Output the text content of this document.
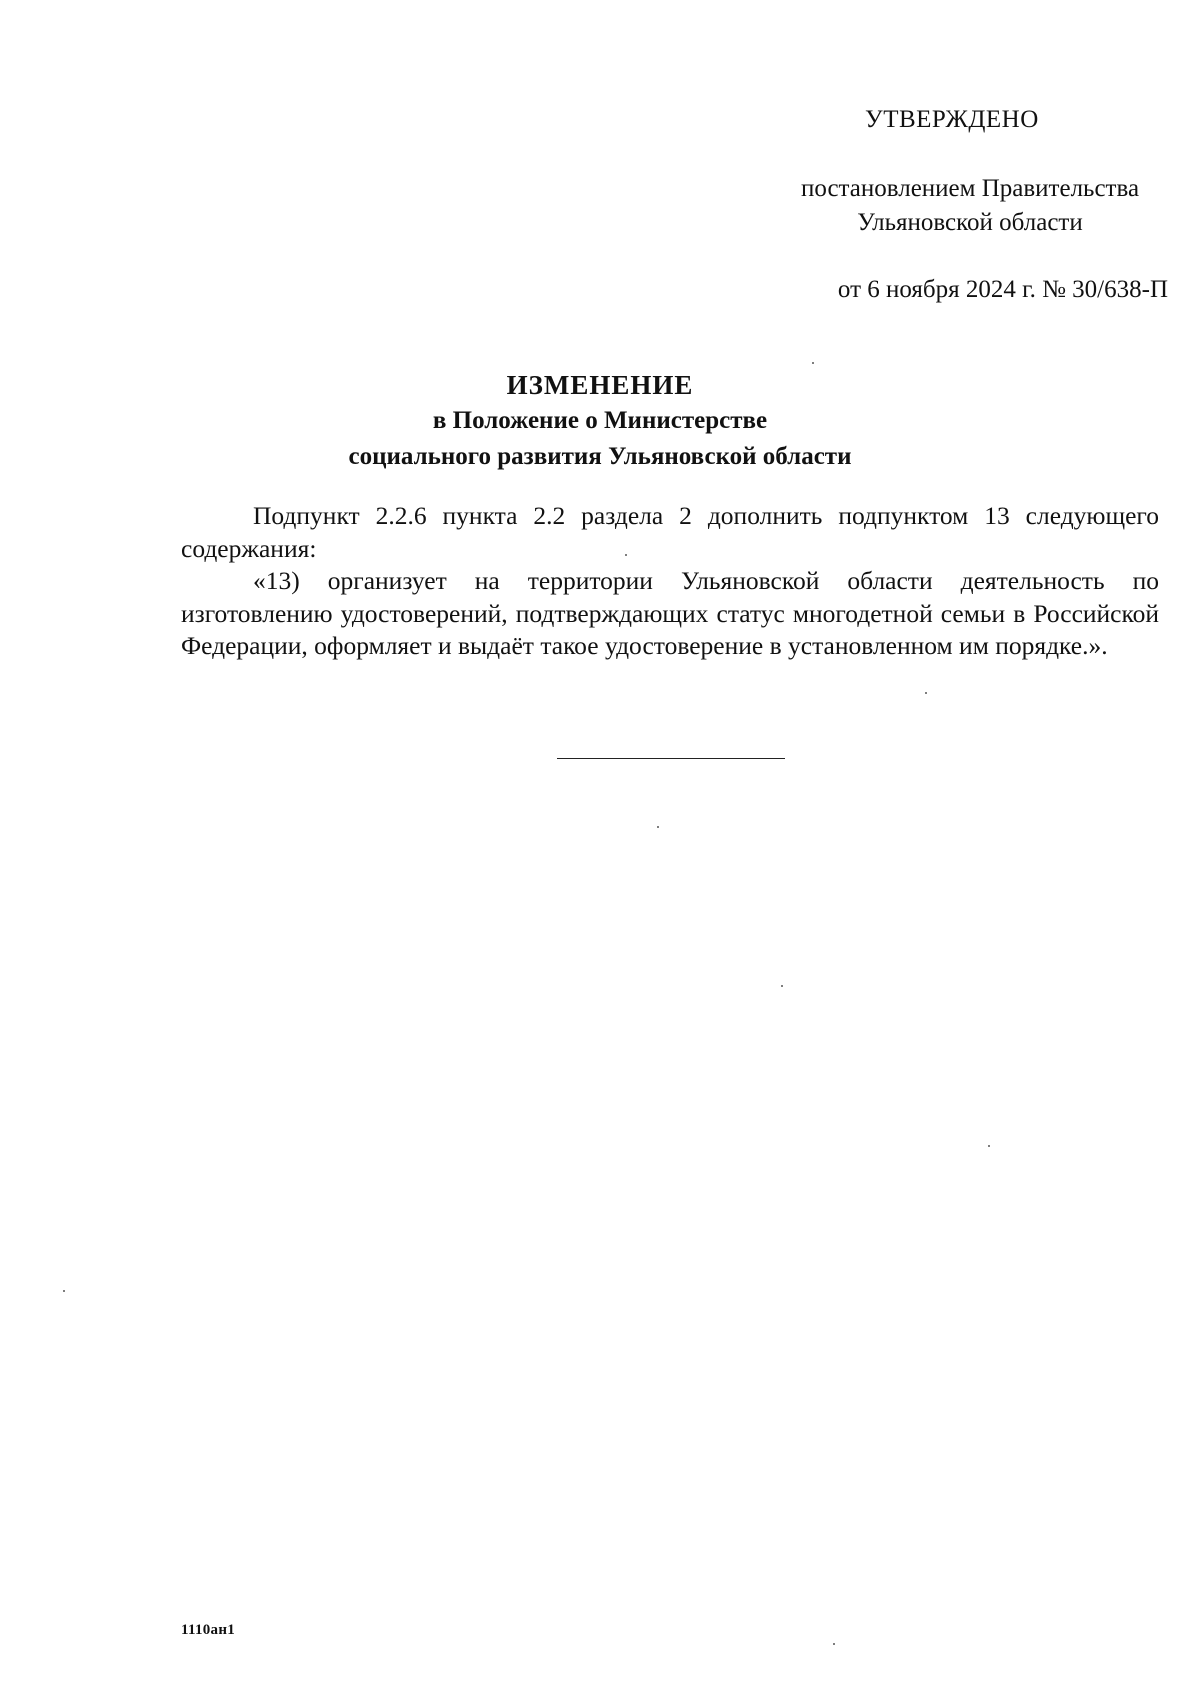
УТВЕРЖДЕНО
постановлением Правительства
Ульяновской области
от 6 ноября 2024 г. № 30/638-П
ИЗМЕНЕНИЕ
в Положение о Министерстве
социального развития Ульяновской области

Подпункт 2.2.6 пункта 2.2 раздела 2 дополнить подпунктом 13 следующего содержания:

«13) организует на территории Ульяновской области деятельность по изготовлению удостоверений, подтверждающих статус многодетной семьи в Российской Федерации, оформляет и выдаёт такое удостоверение в установленном им порядке.».

1110ан1
